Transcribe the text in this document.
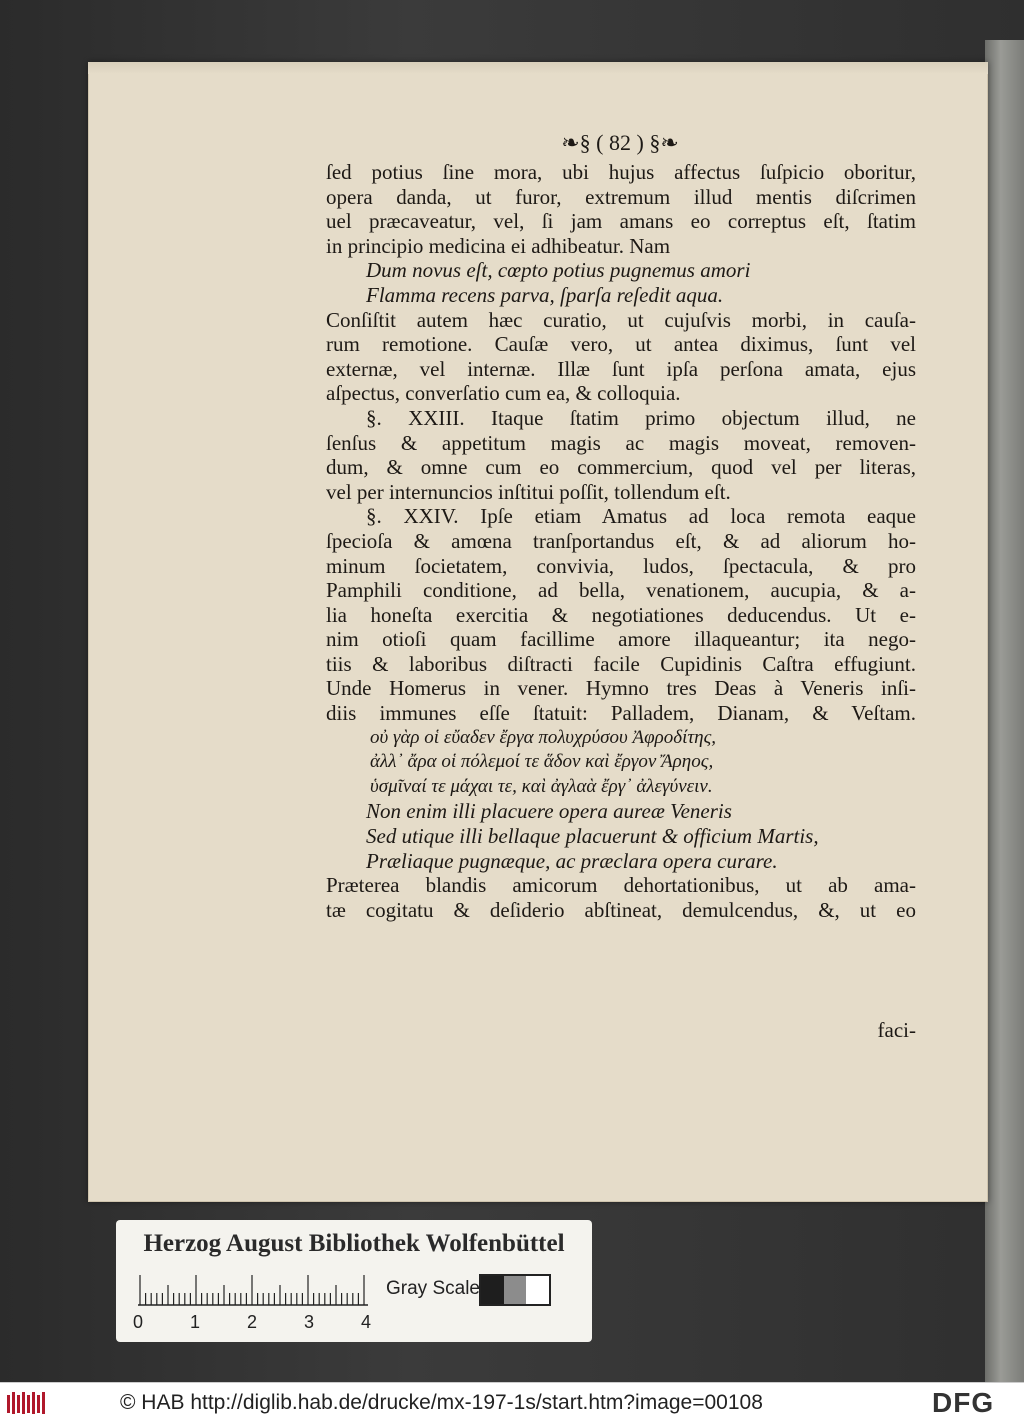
❧§ ( 82 ) §❧
ſed potius ſine mora, ubi hujus affectus ſuſpicio oboritur,
opera danda, ut furor, extremum illud mentis diſcrimen
uel præcaveatur, vel, ſi jam amans eo correptus eſt, ſtatim
in principio medicina ei adhibeatur. Nam
Dum novus eſt, cœpto potius pugnemus amori
Flamma recens parva, ſparſa reſedit aqua.
Conſiſtit autem hæc curatio, ut cujuſvis morbi, in cauſa-
rum remotione. Cauſæ vero, ut antea diximus, ſunt vel
externæ, vel internæ. Illæ ſunt ipſa perſona amata, ejus
aſpectus, converſatio cum ea, & colloquia.
§. XXIII. Itaque ſtatim primo objectum illud, ne
ſenſus & appetitum magis ac magis moveat, removen-
dum, & omne cum eo commercium, quod vel per literas,
vel per internuncios inſtitui poſſit, tollendum eſt.
§. XXIV. Ipſe etiam Amatus ad loca remota eaque
ſpecioſa & amœna tranſportandus eſt, & ad aliorum ho-
minum ſocietatem, convivia, ludos, ſpectacula, & pro
Pamphili conditione, ad bella, venationem, aucupia, & a-
lia honeſta exercitia & negotiationes deducendus. Ut e-
nim otioſi quam facillime amore illaqueantur; ita nego-
tiis & laboribus diſtracti facile Cupidinis Caſtra effugiunt.
Unde Homerus in vener. Hymno tres Deas à Veneris inſi-
diis immunes eſſe ſtatuit: Palladem, Dianam, & Veſtam.
οὐ γὰρ οἱ εὔαδεν ἔργα πολυχρύσου Ἀφροδίτης,
ἀλλ᾽ ἄρα οἱ πόλεμοί τε ἅδον καὶ ἔργον Ἄρηος,
ὑσμῖναί τε μάχαι τε, καὶ ἀγλαὰ ἔργ᾽ ἀλεγύνειν.
Non enim illi placuere opera aureæ Veneris
Sed utique illi bellaque placuerunt & officium Martis,
Præliaque pugnæque, ac præclara opera curare.
Præterea blandis amicorum dehortationibus, ut ab ama-
tæ cogitatu & deſiderio abſtineat, demulcendus, &, ut eo
faci-
Herzog August Bibliothek Wolfenbüttel
0	1	2	3	4
Gray Scale
© HAB http://diglib.hab.de/drucke/mx-197-1s/start.htm?image=00108	DFG
